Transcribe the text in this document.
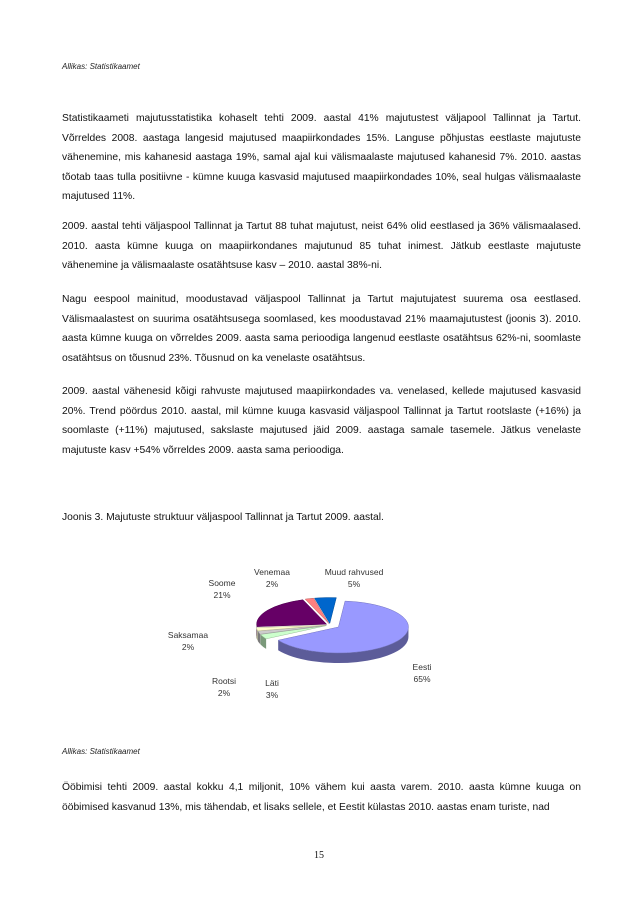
Allikas: Statistikaamet

Statistikaameti majutusstatistika kohaselt tehti 2009. aastal 41% majutustest väljapool Tallinnat ja Tartut. Võrreldes 2008. aastaga langesid majutused maapiirkondades 15%. Languse põhjustas eestlaste majutuste vähenemine, mis kahanesid aastaga 19%, samal ajal kui välismaalaste majutused kahanesid 7%. 2010. aastas tõotab taas tulla positiivne - kümne kuuga kasvasid majutused maapiirkondades 10%, seal hulgas välismaalaste majutused 11%.

2009. aastal tehti väljaspool Tallinnat ja Tartut 88 tuhat majutust, neist 64% olid eestlased ja 36% välismaalased. 2010. aasta kümne kuuga on maapiirkondanes majutunud 85 tuhat inimest. Jätkub eestlaste majutuste vähenemine ja välismaalaste osatähtsuse kasv – 2010. aastal 38%-ni.

Nagu eespool mainitud, moodustavad väljaspool Tallinnat ja Tartut majutujatest suurema osa eestlased. Välismaalastest on suurima osatähtsusega soomlased, kes moodustavad 21% maamajutustest (joonis 3). 2010. aasta kümne kuuga on võrreldes 2009. aasta sama perioodiga langenud eestlaste osatähtsus 62%-ni, soomlaste osatähtsus on tõusnud 23%. Tõusnud on ka venelaste osatähtsus.

2009. aastal vähenesid kõigi rahvuste majutused maapiirkondades va. venelased, kellede majutused kasvasid 20%. Trend pöördus 2010. aastal, mil kümne kuuga kasvasid väljaspool Tallinnat ja Tartut rootslaste (+16%) ja soomlaste (+11%) majutused, sakslaste majutused jäid 2009. aastaga samale tasemele. Jätkus venelaste majutuste kasv +54% võrreldes 2009. aasta sama perioodiga.

Joonis 3. Majutuste struktuur väljaspool Tallinnat ja Tartut 2009. aastal.
Eesti
65%
Läti
3%
Rootsi
2%
Saksamaa
2%
Soome
21%
Venemaa
2%
Muud rahvused
5%
Allikas: Statistikaamet

Ööbimisi tehti 2009. aastal kokku 4,1 miljonit, 10% vähem kui aasta varem. 2010. aasta kümne kuuga on ööbimised kasvanud 13%, mis tähendab, et lisaks sellele, et Eestit külastas 2010. aastas enam turiste, nad

15
